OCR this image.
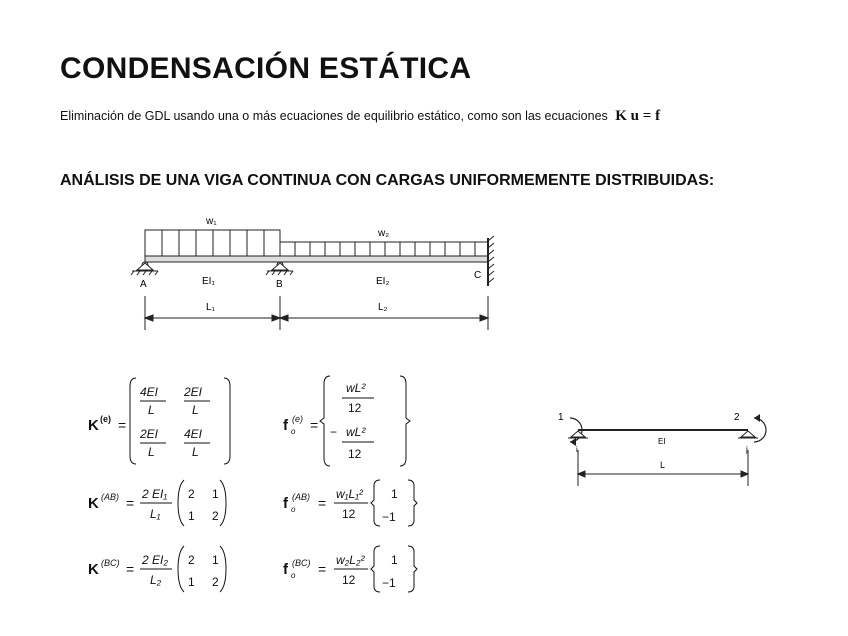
CONDENSACIÓN ESTÁTICA
Eliminación de GDL usando una o más ecuaciones de equilibrio estático, como son las ecuaciones K u = f
ANÁLISIS DE UNA VIGA CONTINUA CON CARGAS UNIFORMEMENTE DISTRIBUIDAS:
w₁
w₂
A	B
C
EI₁	EI₂
L₁	L₂
K (e) =
4EI
L
2EI
L
2EI
L
4EI
L
f (e)
o =
wL²
12
− wL²
12
K (AB) =
2 EI₁
L₁
2 1
1 2
f (AB)
o =
w₁L₁²
12
1
−1
K (BC) =
2 EI₂
L₂
2 1
1 2
f (BC)
o =
w₂L₂²
12
1
−1
1	2
i	j
EI
L
